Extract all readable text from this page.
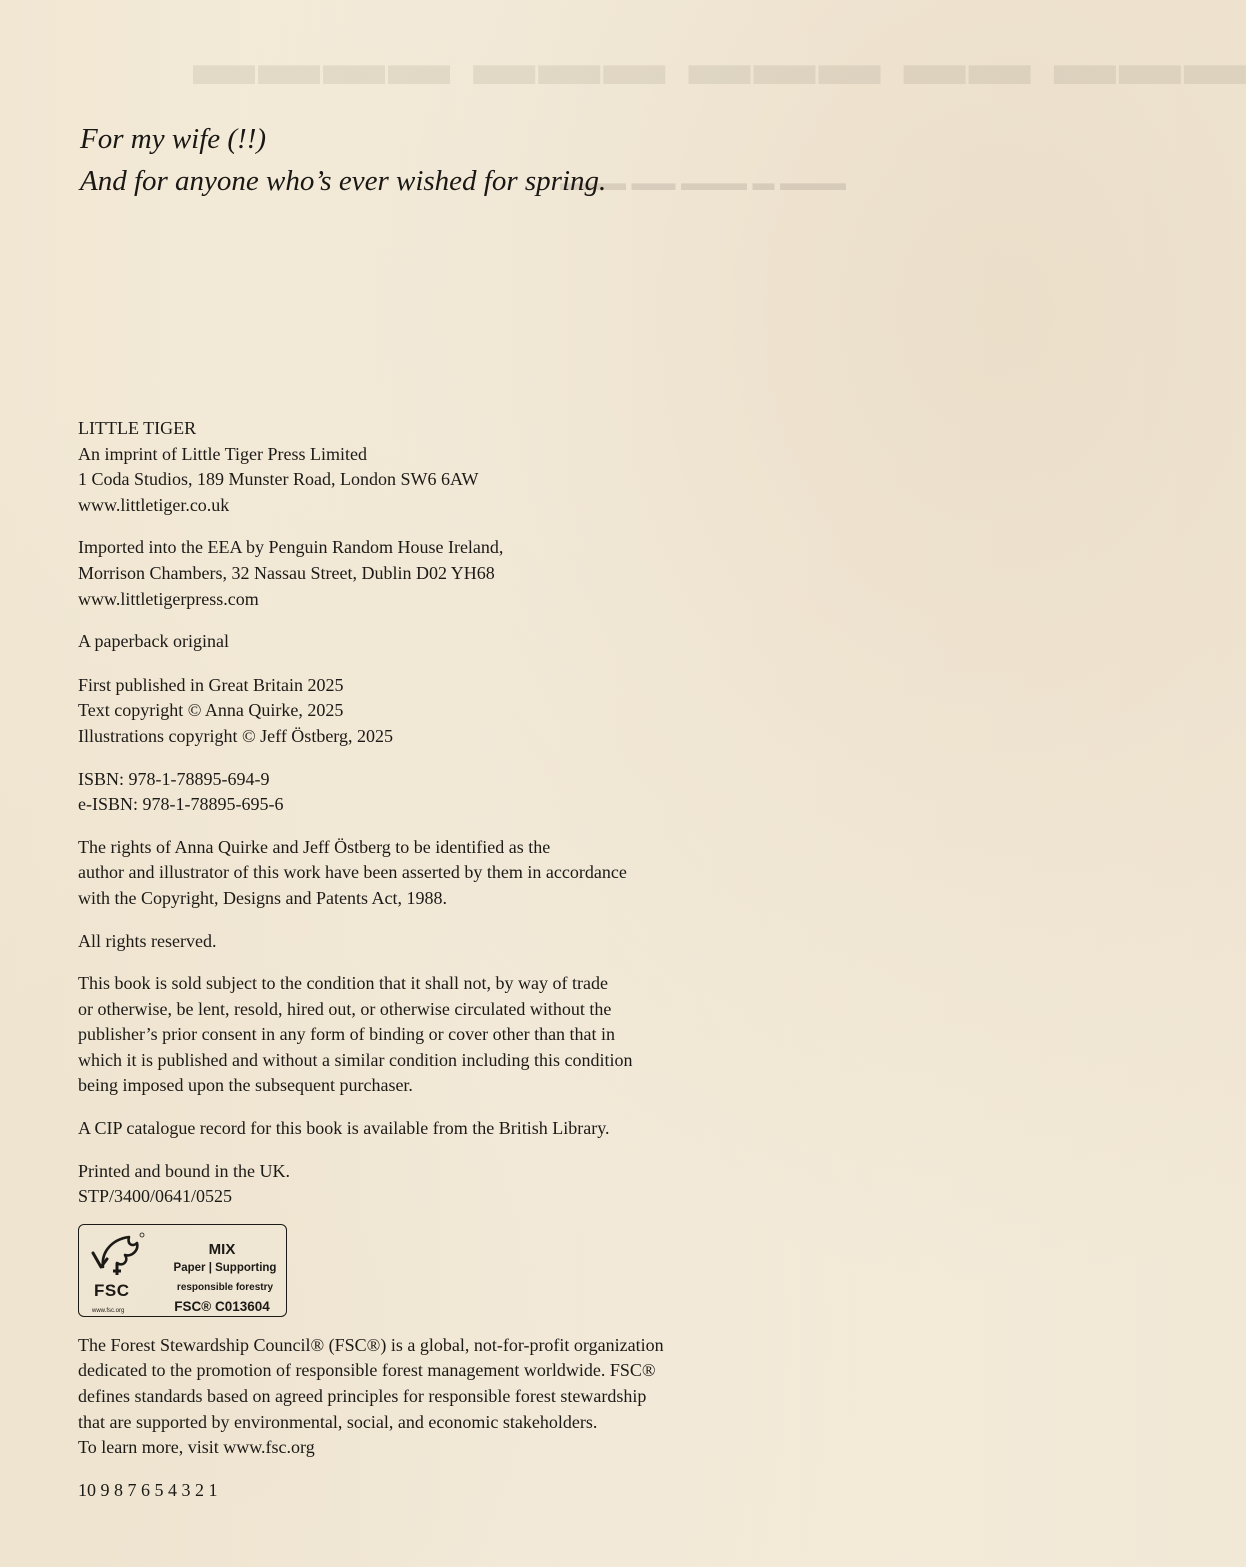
▬▬▬ ▬▬ ▬▬▬ ▬▬▬ ▬▬▬▬
▬▬▬ ▬ ▬▬▬ ▬▬ ▬▬▬
For my wife (!!)
And for anyone who’s ever wished for spring.
LITTLE TIGER
An imprint of Little Tiger Press Limited
1 Coda Studios, 189 Munster Road, London SW6 6AW
www.littletiger.co.uk
Imported into the EEA by Penguin Random House Ireland,
Morrison Chambers, 32 Nassau Street, Dublin D02 YH68
www.littletigerpress.com
A paperback original
First published in Great Britain 2025
Text copyright © Anna Quirke, 2025
Illustrations copyright © Jeff Östberg, 2025
ISBN: 978-1-78895-694-9
e-ISBN: 978-1-78895-695-6
The rights of Anna Quirke and Jeff Östberg to be identified as the
author and illustrator of this work have been asserted by them in accordance
with the Copyright, Designs and Patents Act, 1988.
All rights reserved.
This book is sold subject to the condition that it shall not, by way of trade
or otherwise, be lent, resold, hired out, or otherwise circulated without the
publisher’s prior consent in any form of binding or cover other than that in
which it is published and without a similar condition including this condition
being imposed upon the subsequent purchaser.
A CIP catalogue record for this book is available from the British Library.
Printed and bound in the UK.
STP/3400/0641/0525
FSC
www.fsc.org
MIX
Paper | Supporting
responsible forestry
FSC® C013604
The Forest Stewardship Council® (FSC®) is a global, not-for-profit organization
dedicated to the promotion of responsible forest management worldwide. FSC®
defines standards based on agreed principles for responsible forest stewardship
that are supported by environmental, social, and economic stakeholders.
To learn more, visit www.fsc.org
10 9 8 7 6 5 4 3 2 1
